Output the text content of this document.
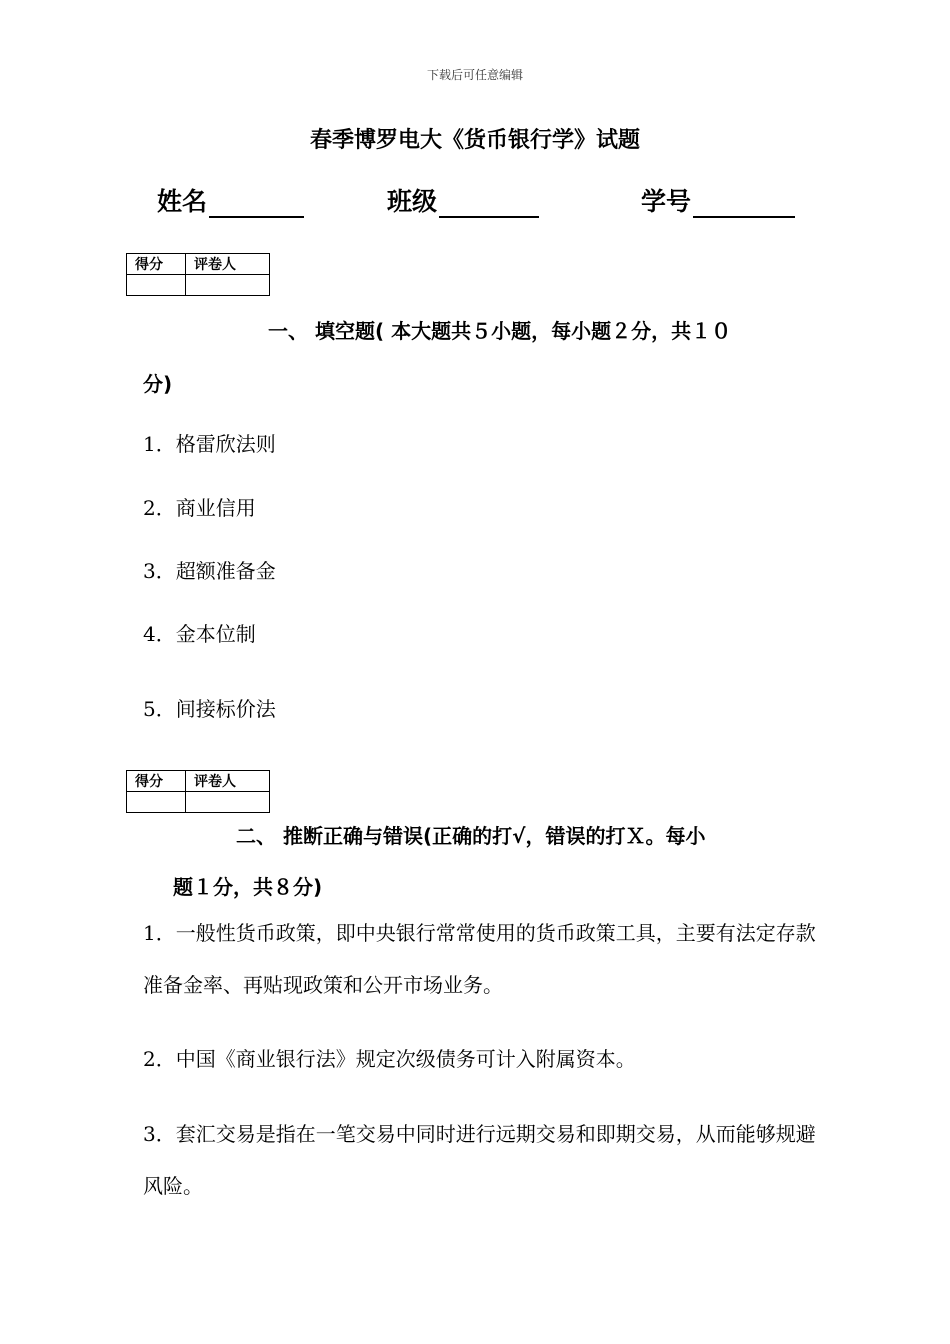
下载后可任意编辑
春季博罗电大《货币银行学》试题
姓名	班级	学号
得分	评卷人

一、 填空题( 本大题共５小题，每小题２分，共１０
分)
1．格雷欣法则
2．商业信用
3．超额准备金
4．金本位制
5．间接标价法
得分	评卷人

二、 推断正确与错误(正确的打√，错误的打Ｘ。每小
题１分，共８分)
1．一般性货币政策，即中央银行常常使用的货币政策工具，主要有法定存款准备金率、再贴现政策和公开市场业务。
2．中国《商业银行法》规定次级债务可计入附属资本。
3．套汇交易是指在一笔交易中同时进行远期交易和即期交易，从而能够规避风险。
